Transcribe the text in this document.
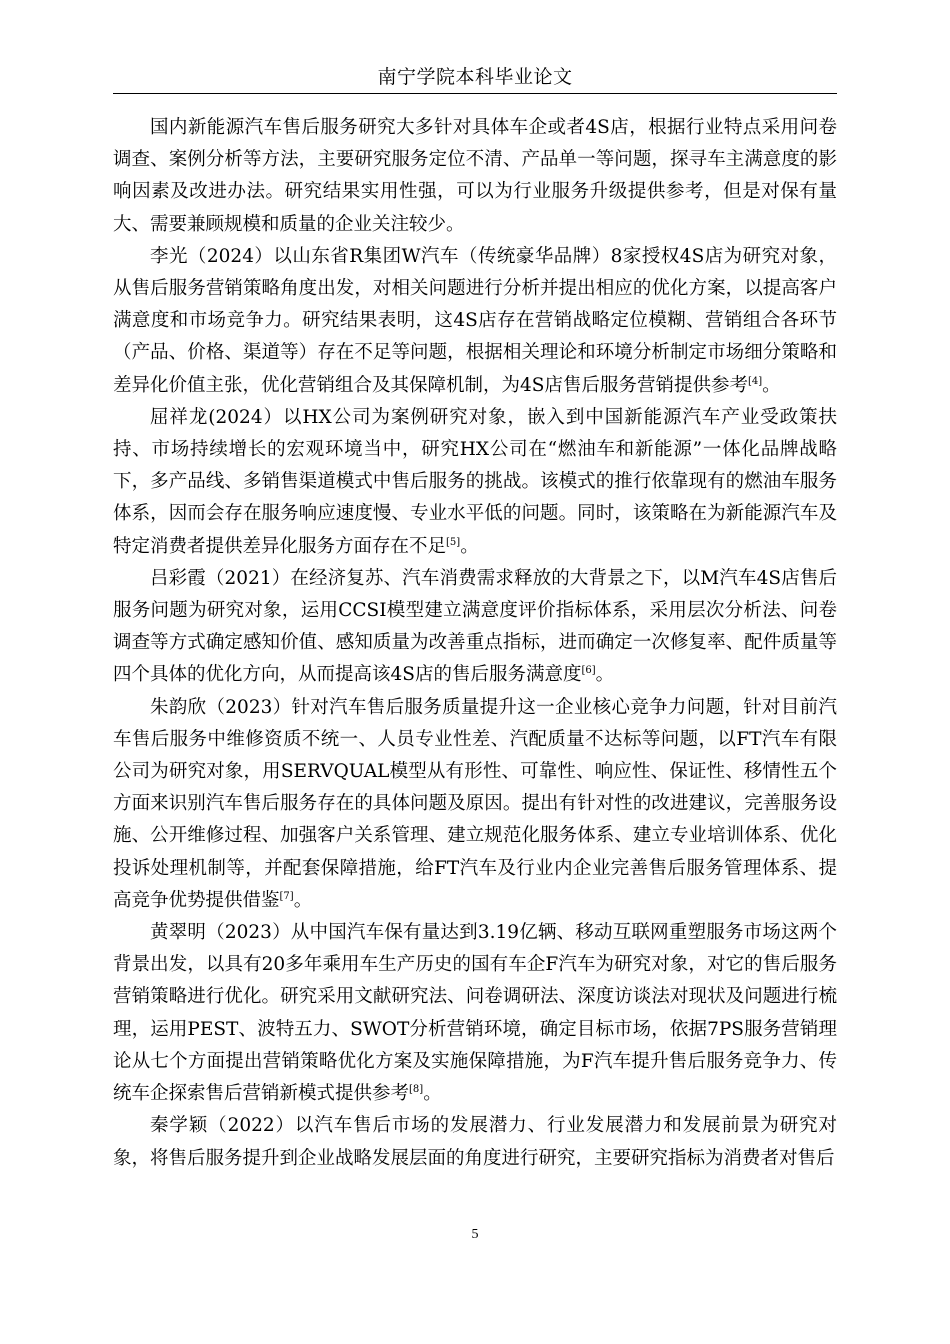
南宁学院本科毕业论文

国内新能源汽车售后服务研究大多针对具体车企或者4S店，根据行业特点采用问卷调查、案例分析等方法，主要研究服务定位不清、产品单一等问题，探寻车主满意度的影响因素及改进办法。研究结果实用性强，可以为行业服务升级提供参考，但是对保有量大、需要兼顾规模和质量的企业关注较少。

李光（2024）以山东省R集团W汽车（传统豪华品牌）8家授权4S店为研究对象，从售后服务营销策略角度出发，对相关问题进行分析并提出相应的优化方案，以提高客户满意度和市场竞争力。研究结果表明，这4S店存在营销战略定位模糊、营销组合各环节（产品、价格、渠道等）存在不足等问题，根据相关理论和环境分析制定市场细分策略和差异化价值主张，优化营销组合及其保障机制，为4S店售后服务营销提供参考[4]。

屈祥龙(2024）以HX公司为案例研究对象，嵌入到中国新能源汽车产业受政策扶持、市场持续增长的宏观环境当中，研究HX公司在“燃油车和新能源”一体化品牌战略下，多产品线、多销售渠道模式中售后服务的挑战。该模式的推行依靠现有的燃油车服务体系，因而会存在服务响应速度慢、专业水平低的问题。同时，该策略在为新能源汽车及特定消费者提供差异化服务方面存在不足[5]。

吕彩霞（2021）在经济复苏、汽车消费需求释放的大背景之下，以M汽车4S店售后服务问题为研究对象，运用CCSI模型建立满意度评价指标体系，采用层次分析法、问卷调查等方式确定感知价值、感知质量为改善重点指标，进而确定一次修复率、配件质量等四个具体的优化方向，从而提高该4S店的售后服务满意度[6]。

朱韵欣（2023）针对汽车售后服务质量提升这一企业核心竞争力问题，针对目前汽车售后服务中维修资质不统一、人员专业性差、汽配质量不达标等问题，以FT汽车有限公司为研究对象，用SERVQUAL模型从有形性、可靠性、响应性、保证性、移情性五个方面来识别汽车售后服务存在的具体问题及原因。提出有针对性的改进建议，完善服务设施、公开维修过程、加强客户关系管理、建立规范化服务体系、建立专业培训体系、优化投诉处理机制等，并配套保障措施，给FT汽车及行业内企业完善售后服务管理体系、提高竞争优势提供借鉴[7]。

黄翠明（2023）从中国汽车保有量达到3.19亿辆、移动互联网重塑服务市场这两个背景出发，以具有20多年乘用车生产历史的国有车企F汽车为研究对象，对它的售后服务营销策略进行优化。研究采用文献研究法、问卷调研法、深度访谈法对现状及问题进行梳理，运用PEST、波特五力、SWOT分析营销环境，确定目标市场，依据7PS服务营销理论从七个方面提出营销策略优化方案及实施保障措施，为F汽车提升售后服务竞争力、传统车企探索售后营销新模式提供参考[8]。

秦学颖（2022）以汽车售后市场的发展潜力、行业发展潜力和发展前景为研究对象，将售后服务提升到企业战略发展层面的角度进行研究，主要研究指标为消费者对售后

5
